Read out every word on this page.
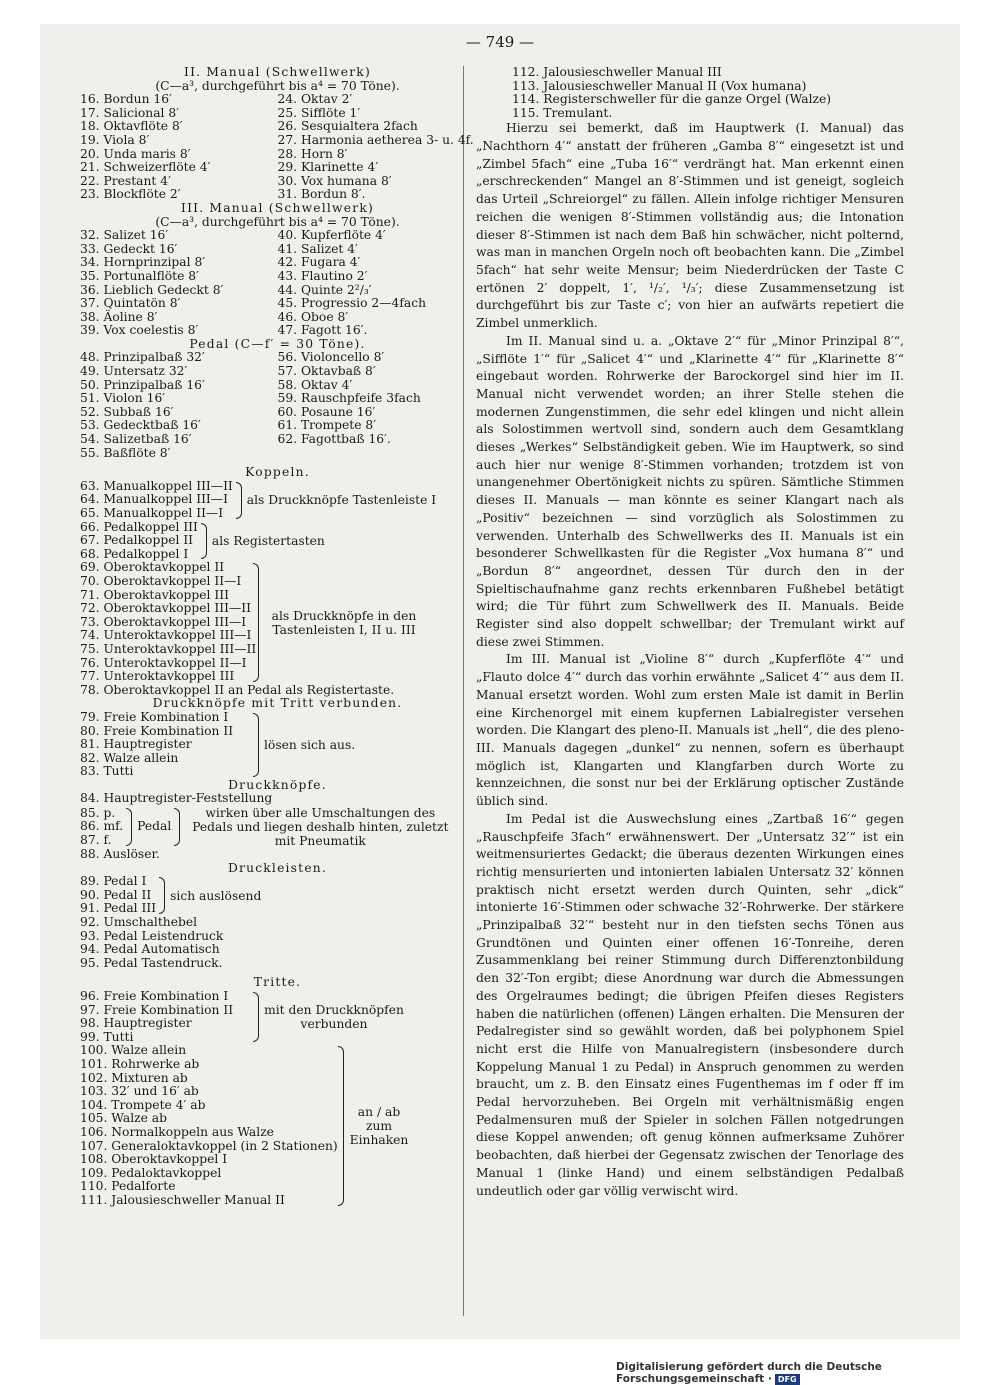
— 749 —
II. Manual (Schwellwerk)
(C—a³, durchgeführt bis a⁴ = 70 Töne).
16. Bordun 16′	24. Oktav 2′
17. Salicional 8′	25. Sifflöte 1′
18. Oktavflöte 8′	26. Sesquialtera 2fach
19. Viola 8′	27. Harmonia aetherea 3- u. 4f.
20. Unda maris 8′	28. Horn 8′
21. Schweizerflöte 4′	29. Klarinette 4′
22. Prestant 4′	30. Vox humana 8′
23. Blockflöte 2′	31. Bordun 8′.
III. Manual (Schwellwerk)
(C—a³, durchgeführt bis a⁴ = 70 Töne).
32. Salizet 16′	40. Kupferflöte 4′
33. Gedeckt 16′	41. Salizet 4′
34. Hornprinzipal 8′	42. Fugara 4′
35. Portunalflöte 8′	43. Flautino 2′
36. Lieblich Gedeckt 8′	44. Quinte 2²/₃′
37. Quintatön 8′	45. Progressio 2—4fach
38. Äoline 8′	46. Oboe 8′
39. Vox coelestis 8′	47. Fagott 16′.
Pedal (C—f′ = 30 Töne).
48. Prinzipalbaß 32′	56. Violoncello 8′
49. Untersatz 32′	57. Oktavbaß 8′
50. Prinzipalbaß 16′	58. Oktav 4′
51. Violon 16′	59. Rauschpfeife 3fach
52. Subbaß 16′	60. Posaune 16′
53. Gedecktbaß 16′	61. Trompete 8′
54. Salizetbaß 16′	62. Fagottbaß 16′.
55. Baßflöte 8′
Koppeln.
63. Manualkoppel III—II
64. Manualkoppel III—I
65. Manualkoppel II—I
als Druckknöpfe Tastenleiste I
66. Pedalkoppel III
67. Pedalkoppel II
68. Pedalkoppel I
als Registertasten
69. Oberoktavkoppel II
70. Oberoktavkoppel II—I
71. Oberoktavkoppel III
72. Oberoktavkoppel III—II
73. Oberoktavkoppel III—I
74. Unteroktavkoppel III—I
75. Unteroktavkoppel III—II
76. Unteroktavkoppel II—I
77. Unteroktavkoppel III
als Druckknöpfe in den Tastenleisten I, II u. III
78. Oberoktavkoppel II an Pedal als Registertaste.
Druckknöpfe mit Tritt verbunden.
79. Freie Kombination I
80. Freie Kombination II
81. Hauptregister
82. Walze allein
83. Tutti
lösen sich aus.
Druckknöpfe.
84. Hauptregister-Feststellung
85. p.
86. mf.
87. f.
Pedal
wirken über alle Umschaltungen des Pedals und liegen deshalb hinten, zuletzt mit Pneumatik
88. Auslöser.
Druckleisten.
89. Pedal I
90. Pedal II
91. Pedal III
sich auslösend
92. Umschalthebel
93. Pedal Leistendruck
94. Pedal Automatisch
95. Pedal Tastendruck.
Tritte.
96. Freie Kombination I
97. Freie Kombination II
98. Hauptregister
99. Tutti
mit den Druckknöpfen verbunden
100. Walze allein
101. Rohrwerke ab
102. Mixturen ab
103. 32′ und 16′ ab
104. Trompete 4′ ab
105. Walze ab
106. Normalkoppeln aus Walze
107. Generaloktavkoppel (in 2 Stationen)
108. Oberoktavkoppel I
109. Pedaloktavkoppel
110. Pedalforte
111. Jalousieschweller Manual II
an / ab zum Einhaken
112. Jalousieschweller Manual III
113. Jalousieschweller Manual II (Vox humana)
114. Registerschweller für die ganze Orgel (Walze)
115. Tremulant.

Hierzu sei bemerkt, daß im Hauptwerk (I. Manual) das „Nachthorn 4′“ anstatt der früheren „Gamba 8′“ eingesetzt ist und „Zimbel 5fach“ eine „Tuba 16′“ verdrängt hat. Man erkennt einen „erschreckenden“ Mangel an 8′-Stimmen und ist geneigt, sogleich das Urteil „Schreiorgel“ zu fällen. Allein infolge richtiger Mensuren reichen die wenigen 8′-Stimmen vollständig aus; die Intonation dieser 8′-Stimmen ist nach dem Baß hin schwächer, nicht polternd, was man in manchen Orgeln noch oft beobachten kann. Die „Zimbel 5fach“ hat sehr weite Mensur; beim Niederdrücken der Taste C ertönen 2′ doppelt, 1′, ¹/₂′, ¹/₃′; diese Zusammensetzung ist durchgeführt bis zur Taste c′; von hier an aufwärts repetiert die Zimbel unmerklich.

Im II. Manual sind u. a. „Oktave 2′“ für „Minor Prinzipal 8′“, „Sifflöte 1′“ für „Salicet 4′“ und „Klarinette 4′“ für „Klarinette 8′“ eingebaut worden. Rohrwerke der Barockorgel sind hier im II. Manual nicht verwendet worden; an ihrer Stelle stehen die modernen Zungenstimmen, die sehr edel klingen und nicht allein als Solostimmen wertvoll sind, sondern auch dem Gesamtklang dieses „Werkes“ Selbständigkeit geben. Wie im Hauptwerk, so sind auch hier nur wenige 8′-Stimmen vorhanden; trotzdem ist von unangenehmer Obertönigkeit nichts zu spüren. Sämtliche Stimmen dieses II. Manuals — man könnte es seiner Klangart nach als „Positiv“ bezeichnen — sind vorzüglich als Solostimmen zu verwenden. Unterhalb des Schwellwerks des II. Manuals ist ein besonderer Schwellkasten für die Register „Vox humana 8′“ und „Bordun 8′“ angeordnet, dessen Tür durch den in der Spieltischaufnahme ganz rechts erkennbaren Fußhebel betätigt wird; die Tür führt zum Schwellwerk des II. Manuals. Beide Register sind also doppelt schwellbar; der Tremulant wirkt auf diese zwei Stimmen.

Im III. Manual ist „Violine 8′“ durch „Kupferflöte 4′“ und „Flauto dolce 4′“ durch das vorhin erwähnte „Salicet 4′“ aus dem II. Manual ersetzt worden. Wohl zum ersten Male ist damit in Berlin eine Kirchenorgel mit einem kupfernen Labialregister versehen worden. Die Klangart des pleno-II. Manuals ist „hell“, die des pleno-III. Manuals dagegen „dunkel“ zu nennen, sofern es überhaupt möglich ist, Klangarten und Klangfarben durch Worte zu kennzeichnen, die sonst nur bei der Erklärung optischer Zustände üblich sind.

Im Pedal ist die Auswechslung eines „Zartbaß 16′“ gegen „Rauschpfeife 3fach“ erwähnenswert. Der „Untersatz 32′“ ist ein weitmensuriertes Gedackt; die überaus dezenten Wirkungen eines richtig mensurierten und intonierten labialen Untersatz 32′ können praktisch nicht ersetzt werden durch Quinten, sehr „dick“ intonierte 16′-Stimmen oder schwache 32′-Rohrwerke. Der stärkere „Prinzipalbaß 32′“ besteht nur in den tiefsten sechs Tönen aus Grundtönen und Quinten einer offenen 16′-Tonreihe, deren Zusammenklang bei reiner Stimmung durch Differenztonbildung den 32′-Ton ergibt; diese Anordnung war durch die Abmessungen des Orgelraumes bedingt; die übrigen Pfeifen dieses Registers haben die natürlichen (offenen) Längen erhalten. Die Mensuren der Pedalregister sind so gewählt worden, daß bei polyphonem Spiel nicht erst die Hilfe von Manualregistern (insbesondere durch Koppelung Manual 1 zu Pedal) in Anspruch genommen zu werden braucht, um z. B. den Einsatz eines Fugenthemas im f oder ff im Pedal hervorzuheben. Bei Orgeln mit verhältnismäßig engen Pedalmensuren muß der Spieler in solchen Fällen notgedrungen diese Koppel anwenden; oft genug können aufmerksame Zuhörer beobachten, daß hierbei der Gegensatz zwischen der Tenorlage des Manual 1 (linke Hand) und einem selbständigen Pedalbaß undeutlich oder gar völlig verwischt wird.

Digitalisierung gefördert durch die Deutsche Forschungsgemeinschaft · DFG
